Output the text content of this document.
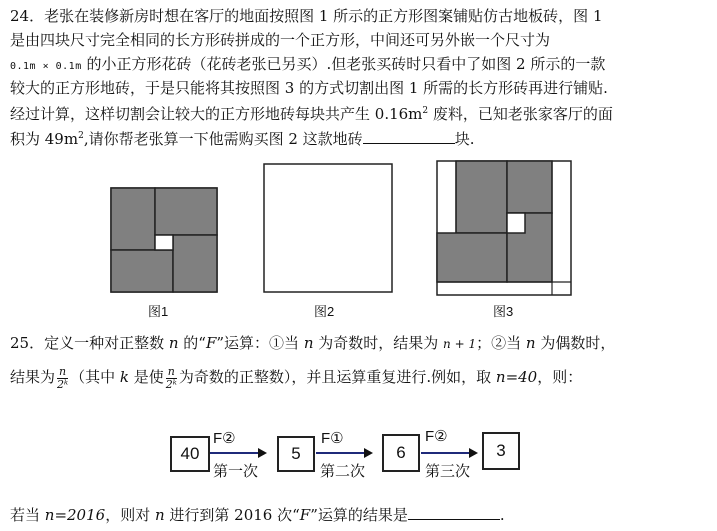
24．老张在装修新房时想在客厅的地面按照图 1 所示的正方形图案铺贴仿古地板砖，图 1
是由四块尺寸完全相同的长方形砖拼成的一个正方形，中间还可另外嵌一个尺寸为
0.1m × 0.1m 的小正方形花砖（花砖老张已另买）.但老张买砖时只看中了如图 2 所示的一款
较大的正方形地砖，于是只能将其按照图 3 的方式切割出图 1 所需的长方形砖再进行铺贴.
经过计算，这样切割会让较大的正方形地砖每块共产生 $0.16m^2$ 废料，已知老张家客厅的面
积为 $49m^2$,请你帮老张算一下他需购买图 2 这款地砖	块.
图1	图2	图3
25．定义一种对正整数 n 的“F”运算：①当 n 为奇数时，结果为 n + 1；②当 n 为偶数时，
结果为 $\frac{n}{\text{2ᵏ}}$ （其中 k 是使 $\frac{n}{\text{2ᵏ}}$ 为奇数的正整数），并且运算重复进行.例如，取 n=40，则：
40
F②
第一次
5
F①
第二次
6
F②
第三次
3
若当 n=2016，则对 n 进行到第 2016 次“F”运算的结果是	.
